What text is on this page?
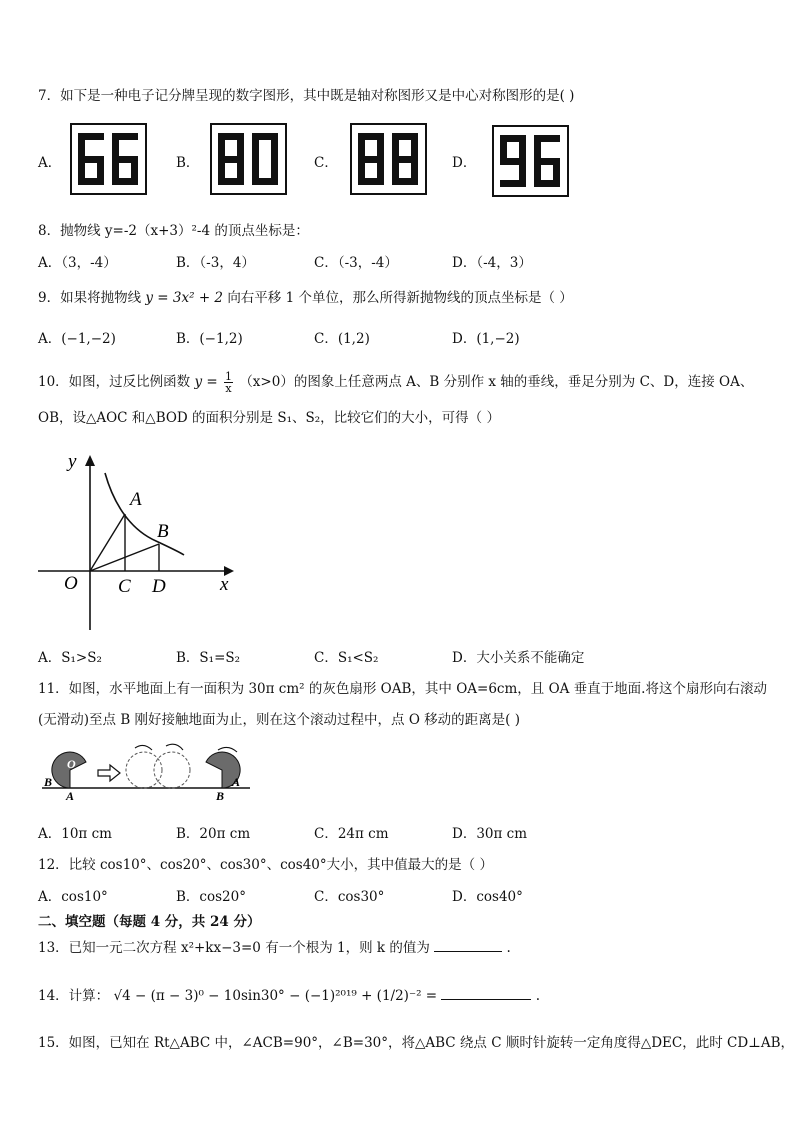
7．如下是一种电子记分牌呈现的数字图形，其中既是轴对称图形又是中心对称图形的是( )
A．	B．	C．	D．
8．抛物线 y=-2（x+3）²-4 的顶点坐标是：
A．（3，-4）	B．（-3，4）	C．（-3，-4）	D．（-4，3）
9．如果将抛物线 y = 3x² + 2 向右平移 1 个单位，那么所得新抛物线的顶点坐标是（ ）
A．(−1,−2)	B．(−1,2)	C．(1,2)	D．(1,−2)
10．如图，过反比例函数 $y = \frac{1}{x} (x>0)$的图象上任意两点 A、B 分别作 x 轴的垂线，垂足分别为 C、D，连接 OA、
OB，设△AOC 和△BOD 的面积分别是 S₁、S₂，比较它们的大小，可得（ ）
y
x
O
A
B
C D
A．S₁>S₂	B．S₁=S₂	C．S₁<S₂	D．大小关系不能确定
11．如图，水平地面上有一面积为 30π cm² 的灰色扇形 OAB，其中 OA=6cm，且 OA 垂直于地面.将这个扇形向右滚动
(无滑动)至点 B 刚好接触地面为止，则在这个滚动过程中，点 O 移动的距离是( )
B
O
A
A
B
A．10π cm	B．20π cm	C．24π cm	D．30π cm
12．比较 cos10°、cos20°、cos30°、cos40°大小，其中值最大的是（ ）
A．cos10°	B．cos20°	C．cos30°	D．cos40°
二、填空题（每题 4 分，共 24 分）
13．已知一元二次方程 x²+kx−3=0 有一个根为 1，则 k 的值为	.
14．计算： √4 − (π − 3)⁰ − 10sin30° − (−1)²⁰¹⁹ + (1/2)⁻² =	.
15．如图，已知在 Rt△ABC 中，∠ACB=90°，∠B=30°，将△ABC 绕点 C 顺时针旋转一定角度得△DEC，此时 CD⊥AB，
